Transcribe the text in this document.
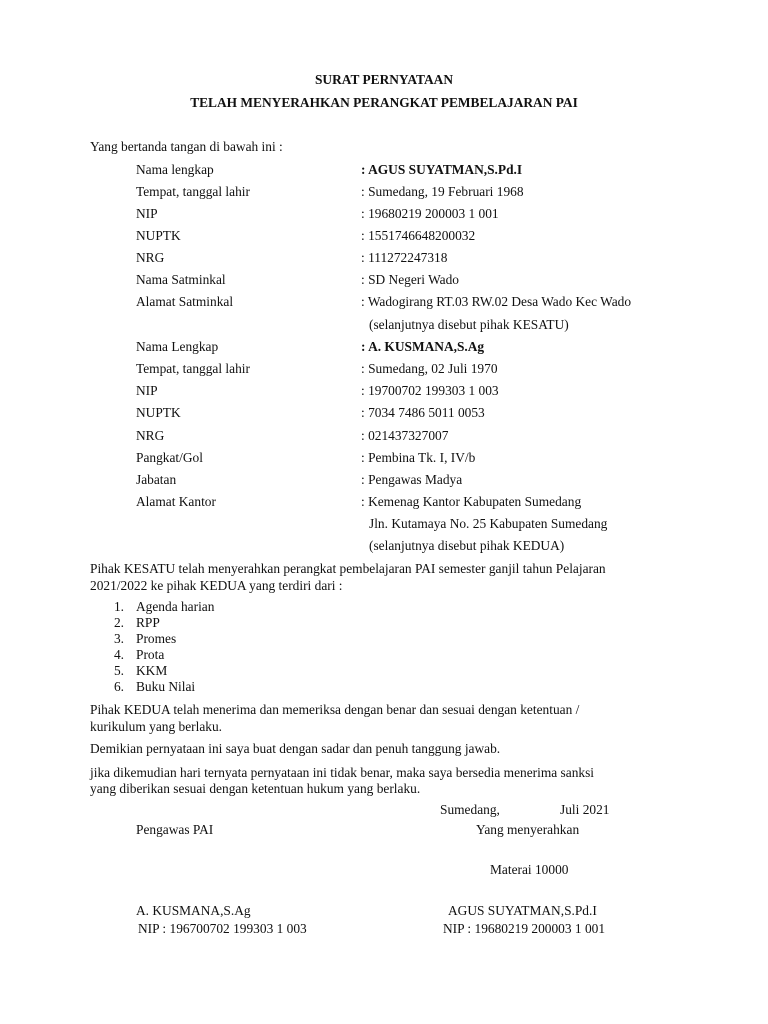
SURAT PERNYATAAN
TELAH MENYERAHKAN PERANGKAT PEMBELAJARAN PAI
Yang bertanda tangan di bawah ini :
Nama lengkap	: AGUS SUYATMAN,S.Pd.I
Tempat, tanggal lahir	: Sumedang, 19 Februari 1968
NIP	: 19680219 200003 1 001
NUPTK	: 1551746648200032
NRG	: 111272247318
Nama Satminkal	: SD Negeri Wado
Alamat Satminkal	: Wadogirang RT.03 RW.02 Desa Wado Kec Wado
(selanjutnya disebut pihak KESATU)
Nama Lengkap	: A. KUSMANA,S.Ag
Tempat, tanggal lahir	: Sumedang, 02 Juli 1970
NIP	: 19700702 199303 1 003
NUPTK	: 7034 7486 5011 0053
NRG	: 021437327007
Pangkat/Gol	: Pembina Tk. I, IV/b
Jabatan	: Pengawas Madya
Alamat Kantor	: Kemenag Kantor Kabupaten Sumedang
Jln. Kutamaya No. 25 Kabupaten Sumedang
(selanjutnya disebut pihak KEDUA)
Pihak KESATU telah menyerahkan perangkat pembelajaran PAI semester ganjil tahun Pelajaran
2021/2022 ke pihak KEDUA yang terdiri dari :
1. Agenda harian
2. RPP
3. Promes
4. Prota
5. KKM
6. Buku Nilai
Pihak KEDUA telah menerima dan memeriksa dengan benar dan sesuai dengan ketentuan /
kurikulum yang berlaku.
Demikian pernyataan ini saya buat dengan sadar dan penuh tanggung jawab.
jika dikemudian hari ternyata pernyataan ini tidak benar, maka saya bersedia menerima sanksi
yang diberikan sesuai dengan ketentuan hukum yang berlaku.
Sumedang,	Juli 2021
Pengawas PAI	Yang menyerahkan
Materai 10000
A. KUSMANA,S.Ag	AGUS SUYATMAN,S.Pd.I
NIP : 196700702 199303 1 003	NIP : 19680219 200003 1 001
